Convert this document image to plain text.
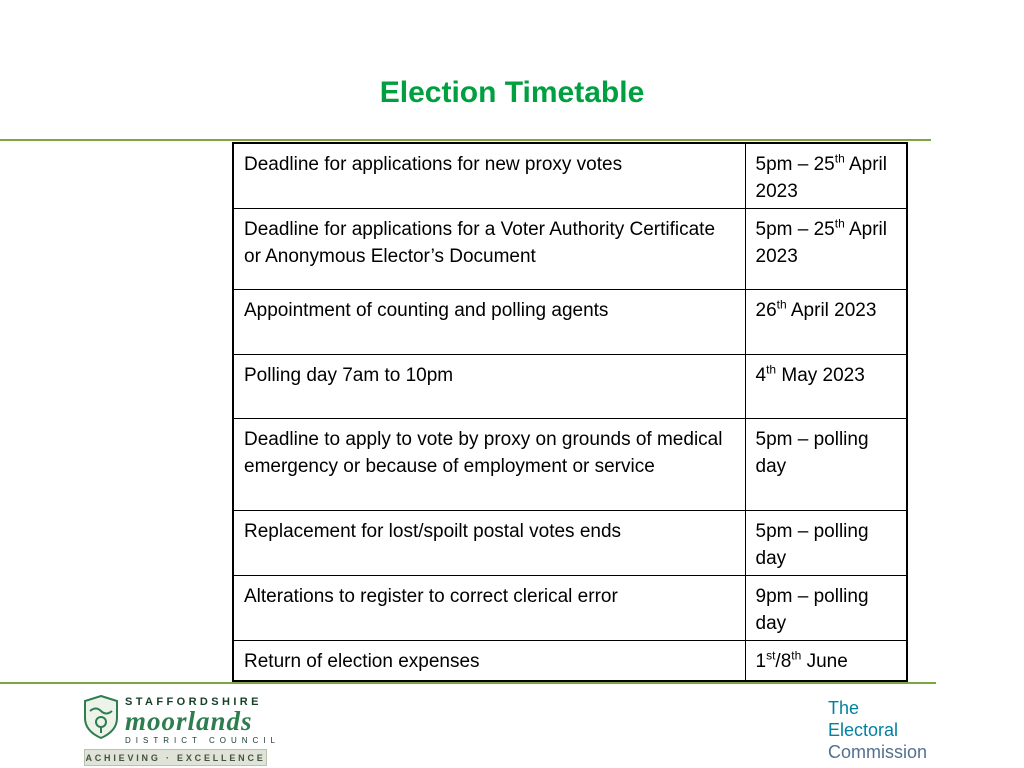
Election Timetable
Deadline for applications for new proxy votes	5pm – 25th April 2023
Deadline for applications for a Voter Authority Certificate or Anonymous Elector’s Document	5pm – 25th April 2023
Appointment of counting and polling agents	26th April 2023
Polling day 7am to 10pm	4th May 2023
Deadline to apply to vote by proxy on grounds of medical emergency or because of employment or service	5pm – polling day
Replacement for lost/spoilt postal votes ends	5pm – polling day
Alterations to register to correct clerical error	9pm – polling day
Return of election expenses	1st/8th June
STAFFORDSHIRE
moorlands
DISTRICT COUNCIL
ACHIEVING · EXCELLENCE
The
Electoral
Commission
